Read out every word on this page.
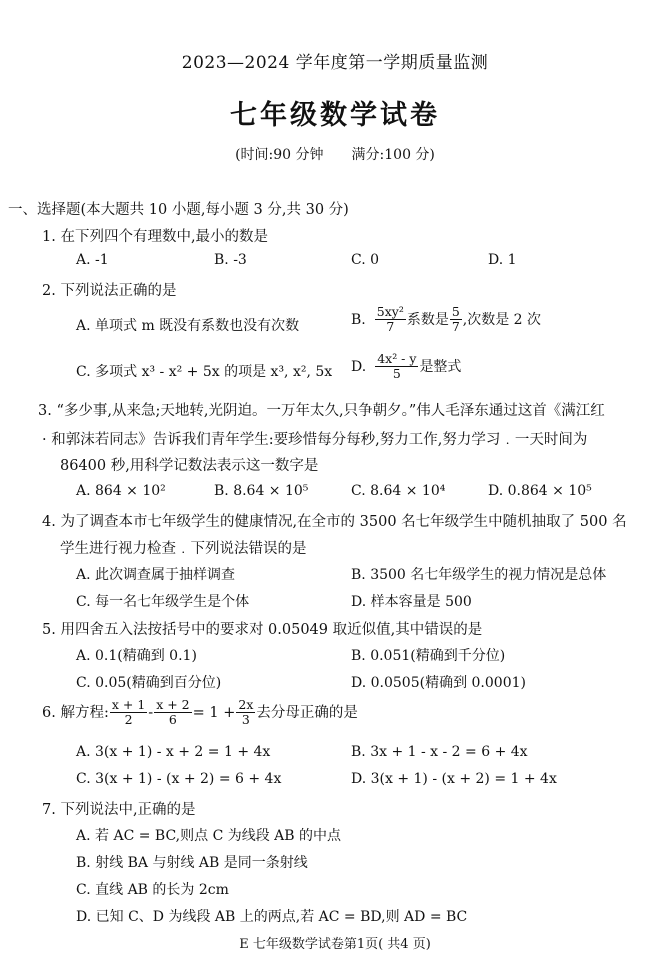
2023—2024 学年度第一学期质量监测
七年级数学试卷
(时间:90 分钟　　满分:100 分)
一、选择题(本大题共 10 小题,每小题 3 分,共 30 分)
1. 在下列四个有理数中,最小的数是
A. -1	B. -3	C. 0	D. 1
2. 下列说法正确的是
A. 单项式 m 既没有系数也没有次数	B. $\frac{\text{5xy²}}{7}$ 系数是 $\frac{5}{7}$ ,次数是 2 次
C. 多项式 x³ - x² + 5x 的项是 x³, x², 5x D. $\frac{\text{4x² - y}}{5}$ 是整式
3. “多少事,从来急;天地转,光阴迫。一万年太久,只争朝夕。”伟人毛泽东通过这首《满江红
· 和郭沫若同志》告诉我们青年学生:要珍惜每分每秒,努力工作,努力学习﹒一天时间为
86400 秒,用科学记数法表示这一数字是
A. 864 × 10²	B. 8.64 × 10⁵	C. 8.64 × 10⁴	D. 0.864 × 10⁵
4. 为了调查本市七年级学生的健康情况,在全市的 3500 名七年级学生中随机抽取了 500 名
学生进行视力检查﹒下列说法错误的是
A. 此次调查属于抽样调查	B. 3500 名七年级学生的视力情况是总体
C. 每一名七年级学生是个体	D. 样本容量是 500
5. 用四舍五入法按括号中的要求对 0.05049 取近似值,其中错误的是
A. 0.1(精确到 0.1)	B. 0.051(精确到千分位)
C. 0.05(精确到百分位)	D. 0.0505(精确到 0.0001)
6. 解方程: $\frac{x + 1}{2} - \frac{x + 2}{6} = 1 + \frac{2x}{3}$ 去分母正确的是
A. 3(x + 1) - x + 2 = 1 + 4x	B. 3x + 1 - x - 2 = 6 + 4x
C. 3(x + 1) - (x + 2) = 6 + 4x	D. 3(x + 1) - (x + 2) = 1 + 4x
7. 下列说法中,正确的是
A. 若 AC = BC,则点 C 为线段 AB 的中点
B. 射线 BA 与射线 AB 是同一条射线
C. 直线 AB 的长为 2cm
D. 已知 C、D 为线段 AB 上的两点,若 AC = BD,则 AD = BC
E 七年级数学试卷第1页( 共4 页)
